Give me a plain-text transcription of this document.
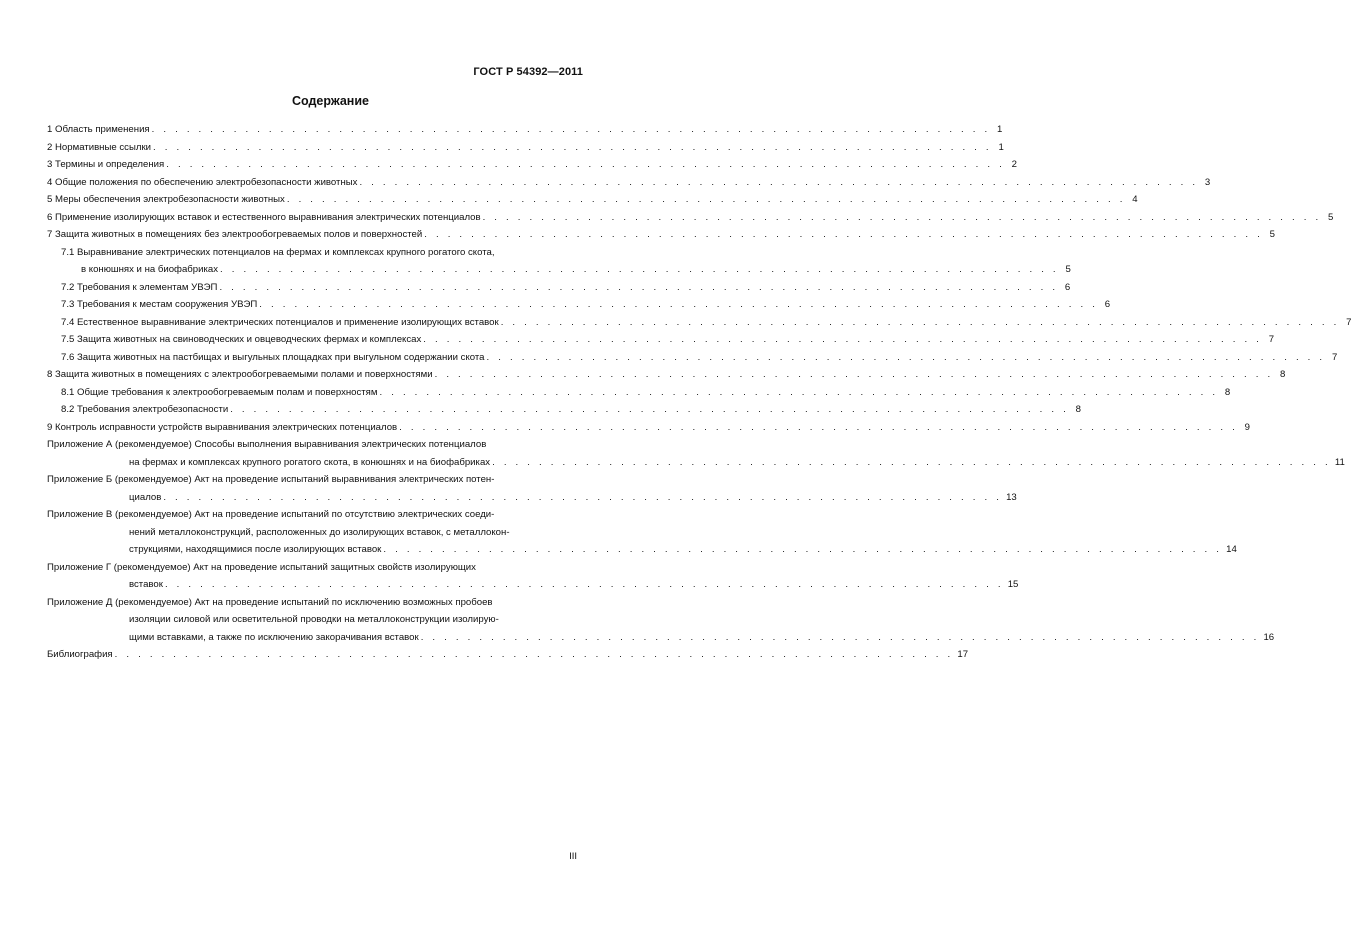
ГОСТ Р 54392—2011
Содержание
1 Область применения . . . . . . . . . . . . . . . . . . . . . . . . . . . . . . . . . . . . . . . . . . . . . . . . . . . . . . . . . . . . . . . . . . . . . . . . 1
2 Нормативные ссылки . . . . . . . . . . . . . . . . . . . . . . . . . . . . . . . . . . . . . . . . . . . . . . . . . . . . . . . . . . . . . . . . . . . . . . . . 1
3 Термины и определения . . . . . . . . . . . . . . . . . . . . . . . . . . . . . . . . . . . . . . . . . . . . . . . . . . . . . . . . . . . . . . . . . . . . . . . . 2
4 Общие положения по обеспечению электробезопасности животных . . . . . . . . . . . . . . . . . . . . . . . . . . . . . . . . . . . . . . . . . . . . . . . . . . . . . . . . . . . . . . . . . . . . . . . . 3
5 Меры обеспечения электробезопасности животных . . . . . . . . . . . . . . . . . . . . . . . . . . . . . . . . . . . . . . . . . . . . . . . . . . . . . . . . . . . . . . . . . . . . . . . . 4
6 Применение изолирующих вставок и естественного выравнивания электрических потенциалов . . . . . . . . . . . . . . . . . . . . . . . . . . . . . . . . . . . . . . . . . . . . . . . . . . . . . . . . . . . . . . . . . . . . . . . . 5
7 Защита животных в помещениях без электрообогреваемых полов и поверхностей . . . . . . . . . . . . . . . . . . . . . . . . . . . . . . . . . . . . . . . . . . . . . . . . . . . . . . . . . . . . . . . . . . . . . . . . 5
7.1 Выравнивание электрических потенциалов на фермах и комплексах крупного рогатого скота,
в конюшнях и на биофабриках . . . . . . . . . . . . . . . . . . . . . . . . . . . . . . . . . . . . . . . . . . . . . . . . . . . . . . . . . . . . . . . . . . . . . . . . 5
7.2 Требования к элементам УВЭП . . . . . . . . . . . . . . . . . . . . . . . . . . . . . . . . . . . . . . . . . . . . . . . . . . . . . . . . . . . . . . . . . . . . . . . . 6
7.3 Требования к местам сооружения УВЭП . . . . . . . . . . . . . . . . . . . . . . . . . . . . . . . . . . . . . . . . . . . . . . . . . . . . . . . . . . . . . . . . . . . . . . . . 6
7.4 Естественное выравнивание электрических потенциалов и применение изолирующих вставок . . . . . . . . . . . . . . . . . . . . . . . . . . . . . . . . . . . . . . . . . . . . . . . . . . . . . . . . . . . . . . . . . . . . . . . . 7
7.5 Защита животных на свиноводческих и овцеводческих фермах и комплексах . . . . . . . . . . . . . . . . . . . . . . . . . . . . . . . . . . . . . . . . . . . . . . . . . . . . . . . . . . . . . . . . . . . . . . . . 7
7.6 Защита животных на пастбищах и выгульных площадках при выгульном содержании скота . . . . . . . . . . . . . . . . . . . . . . . . . . . . . . . . . . . . . . . . . . . . . . . . . . . . . . . . . . . . . . . . . . . . . . . . 7
8 Защита животных в помещениях с электрообогреваемыми полами и поверхностями . . . . . . . . . . . . . . . . . . . . . . . . . . . . . . . . . . . . . . . . . . . . . . . . . . . . . . . . . . . . . . . . . . . . . . . . 8
8.1 Общие требования к электрообогреваемым полам и поверхностям . . . . . . . . . . . . . . . . . . . . . . . . . . . . . . . . . . . . . . . . . . . . . . . . . . . . . . . . . . . . . . . . . . . . . . . . 8
8.2 Требования электробезопасности . . . . . . . . . . . . . . . . . . . . . . . . . . . . . . . . . . . . . . . . . . . . . . . . . . . . . . . . . . . . . . . . . . . . . . . . 8
9 Контроль исправности устройств выравнивания электрических потенциалов . . . . . . . . . . . . . . . . . . . . . . . . . . . . . . . . . . . . . . . . . . . . . . . . . . . . . . . . . . . . . . . . . . . . . . . . 9
Приложение А (рекомендуемое) Способы выполнения выравнивания электрических потенциалов
на фермах и комплексах крупного рогатого скота, в конюшнях и на биофабриках . . . . . . . . . . . . . . . . . . . . . . . . . . . . . . . . . . . . . . . . . . . . . . . . . . . . . . . . . . . . . . . . . . . . . . . . 11
Приложение Б (рекомендуемое) Акт на проведение испытаний выравнивания электрических потен-
циалов . . . . . . . . . . . . . . . . . . . . . . . . . . . . . . . . . . . . . . . . . . . . . . . . . . . . . . . . . . . . . . . . . . . . . . . . 13
Приложение В (рекомендуемое) Акт на проведение испытаний по отсутствию электрических соеди-
нений металлоконструкций, расположенных до изолирующих вставок, с металлокон-
струкциями, находящимися после изолирующих вставок . . . . . . . . . . . . . . . . . . . . . . . . . . . . . . . . . . . . . . . . . . . . . . . . . . . . . . . . . . . . . . . . . . . . . . . . 14
Приложение Г (рекомендуемое) Акт на проведение испытаний защитных свойств изолирующих
вставок . . . . . . . . . . . . . . . . . . . . . . . . . . . . . . . . . . . . . . . . . . . . . . . . . . . . . . . . . . . . . . . . . . . . . . . . 15
Приложение Д (рекомендуемое) Акт на проведение испытаний по исключению возможных пробоев
изоляции силовой или осветительной проводки на металлоконструкции изолирую-
щими вставками, а также по исключению закорачивания вставок . . . . . . . . . . . . . . . . . . . . . . . . . . . . . . . . . . . . . . . . . . . . . . . . . . . . . . . . . . . . . . . . . . . . . . . . 16
Библиография . . . . . . . . . . . . . . . . . . . . . . . . . . . . . . . . . . . . . . . . . . . . . . . . . . . . . . . . . . . . . . . . . . . . . . . . 17
III
